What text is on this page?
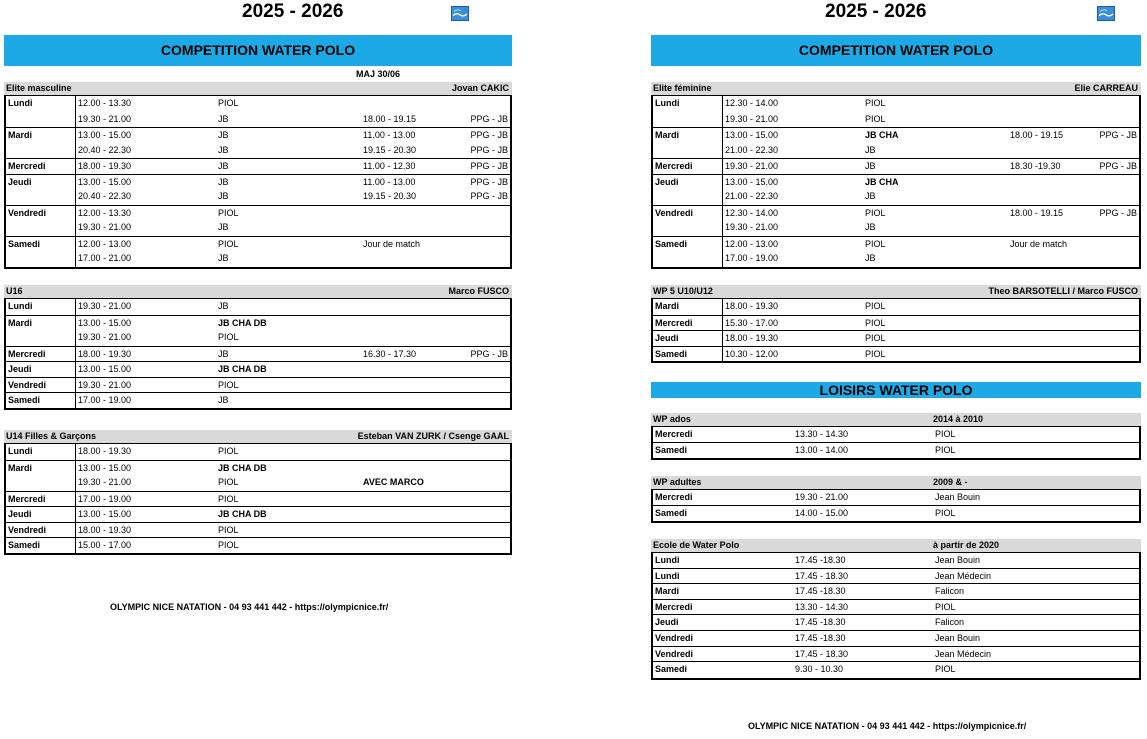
2025 - 2026
COMPETITION WATER POLO
MAJ 30/06
Elite masculine	Jovan CAKIC
Lundi	12.00 - 13.30	PIOL
19.30 - 21.00	JB	18.00 - 19.15	PPG - JB
Mardi	13.00 - 15.00	JB	11.00 - 13.00	PPG - JB
20.40 - 22.30	JB	19.15 - 20.30	PPG - JB
Mercredi	18.00 - 19.30	JB	11.00 - 12.30	PPG - JB
Jeudi	13.00 - 15.00	JB	11.00 - 13.00	PPG - JB
20.40 - 22.30	JB	19.15 - 20.30	PPG - JB
Vendredi	12.00 - 13.30	PIOL
19.30 - 21.00	JB
Samedi	12.00 - 13.00	PIOL	Jour de match
17.00 - 21.00	JB
U16	Marco FUSCO
Lundi	19.30 - 21.00	JB
Mardi	13.00 - 15.00	JB CHA DB
19.30 - 21.00	PIOL
Mercredi	18.00 - 19.30	JB	16.30 - 17.30	PPG - JB
Jeudi	13.00 - 15.00	JB CHA DB
Vendredi	19.30 - 21.00	PIOL
Samedi	17.00 - 19.00	JB
U14 Filles & Garçons	Esteban VAN ZURK / Csenge GAAL
Lundi	18.00 - 19.30	PIOL
Mardi	13.00 - 15.00	JB CHA DB
19.30 - 21.00	PIOL	AVEC MARCO
Mercredi	17.00 - 19.00	PIOL
Jeudi	13.00 - 15.00	JB CHA DB
Vendredi	18.00 - 19.30	PIOL
Samedi	15.00 - 17.00	PIOL
OLYMPIC NICE NATATION - 04 93 441 442 - https://olympicnice.fr/
2025 - 2026
COMPETITION WATER POLO
Elite féminine	Elie CARREAU
Lundi	12.30 - 14.00	PIOL
19.30 - 21.00	PIOL
Mardi	13.00 - 15.00	JB CHA	18.00 - 19.15	PPG - JB
21.00 - 22.30	JB
Mercredi	19.30 - 21.00	JB	18.30 -19.30	PPG - JB
Jeudi	13.00 - 15.00	JB CHA
21.00 - 22.30	JB
Vendredi	12.30 - 14.00	PIOL	18.00 - 19.15	PPG - JB
19.30 - 21.00	JB
Samedi	12.00 - 13.00	PIOL	Jour de match
17.00 - 19.00	JB
WP 5 U10/U12	Theo BARSOTELLI / Marco FUSCO
Mardi	18.00 - 19.30	PIOL
Mercredi	15.30 - 17.00	PIOL
Jeudi	18.00 - 19.30	PIOL
Samedi	10.30 - 12.00	PIOL
LOISIRS WATER POLO
WP ados	2014 à 2010
Mercredi	13.30 - 14.30	PIOL
Samedi	13.00 - 14.00	PIOL
WP adultes	2009 & -
Mercredi	19.30 - 21.00	Jean Bouin
Samedi	14.00 - 15.00	PIOL
Ecole de Water Polo	à partir de 2020
Lundi	17.45 -18.30	Jean Bouin
Lundi	17.45 - 18.30	Jean Médecin
Mardi	17.45 -18.30	Falicon
Mercredi	13.30 - 14.30	PIOL
Jeudi	17.45 -18.30	Falicon
Vendredi	17.45 -18.30	Jean Bouin
Vendredi	17.45 - 18.30	Jean Médecin
Samedi	9.30 - 10.30	PIOL
OLYMPIC NICE NATATION - 04 93 441 442 - https://olympicnice.fr/
